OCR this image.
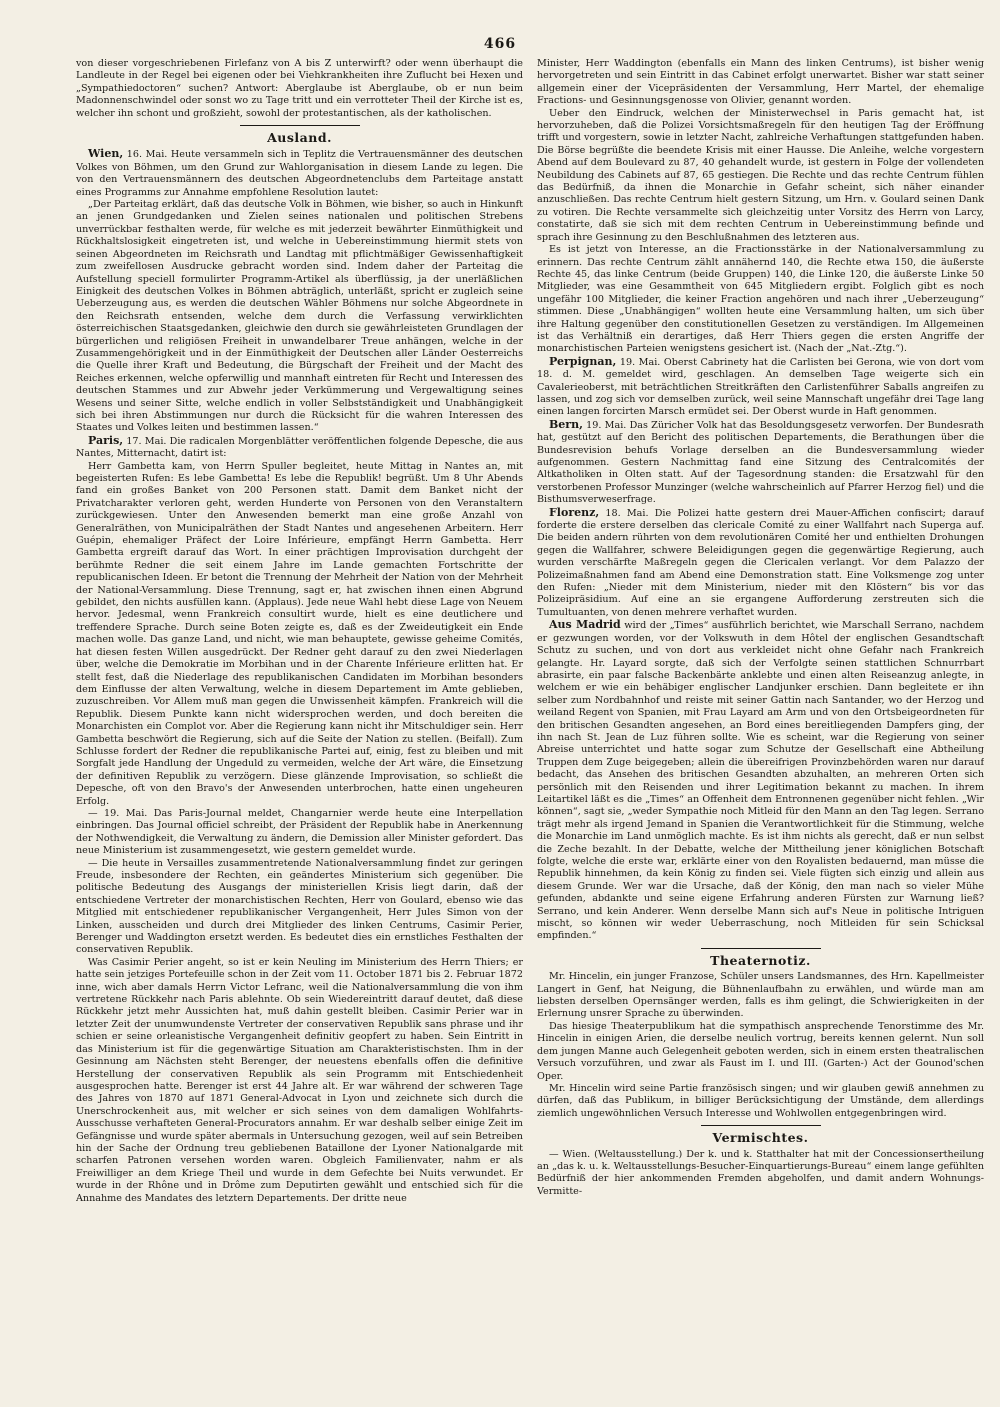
466

von dieser vorgeschriebenen Firlefanz von A bis Z unterwirft? oder wenn überhaupt die Landleute in der Regel bei eigenen oder bei Viehkrankheiten ihre Zuflucht bei Hexen und „Sympathiedoctoren“ suchen? Antwort: Aberglaube ist Aberglaube, ob er nun beim Madonnenschwindel oder sonst wo zu Tage tritt und ein verrotteter Theil der Kirche ist es, welcher ihn schont und großzieht, sowohl der protestantischen, als der katholischen.

Ausland.

Wien, 16. Mai. Heute versammeln sich in Teplitz die Vertrauensmänner des deutschen Volkes von Böhmen, um den Grund zur Wahlorganisation in diesem Lande zu legen. Die von den Vertrauensmännern des deutschen Abgeordnetenclubs dem Parteitage anstatt eines Programms zur Annahme empfohlene Resolution lautet:

„Der Parteitag erklärt, daß das deutsche Volk in Böhmen, wie bisher, so auch in Hinkunft an jenen Grundgedanken und Zielen seines nationalen und politischen Strebens unverrückbar festhalten werde, für welche es mit jederzeit bewährter Einmüthigkeit und Rückhaltslosigkeit eingetreten ist, und welche in Uebereinstimmung hiermit stets von seinen Abgeordneten im Reichsrath und Landtag mit pflichtmäßiger Gewissenhaftigkeit zum zweifellosen Ausdrucke gebracht worden sind. Indem daher der Parteitag die Aufstellung speciell formulirter Programm-Artikel als überflüssig, ja der unerläßlichen Einigkeit des deutschen Volkes in Böhmen abträglich, unterläßt, spricht er zugleich seine Ueberzeugung aus, es werden die deutschen Wähler Böhmens nur solche Abgeordnete in den Reichsrath entsenden, welche dem durch die Verfassung verwirklichten österreichischen Staatsgedanken, gleichwie den durch sie gewährleisteten Grundlagen der bürgerlichen und religiösen Freiheit in unwandelbarer Treue anhängen, welche in der Zusammengehörigkeit und in der Einmüthigkeit der Deutschen aller Länder Oesterreichs die Quelle ihrer Kraft und Bedeutung, die Bürgschaft der Freiheit und der Macht des Reiches erkennen, welche opferwillig und mannhaft eintreten für Recht und Interessen des deutschen Stammes und zur Abwehr jeder Verkümmerung und Vergewaltigung seines Wesens und seiner Sitte, welche endlich in voller Selbstständigkeit und Unabhängigkeit sich bei ihren Abstimmungen nur durch die Rücksicht für die wahren Interessen des Staates und Volkes leiten und bestimmen lassen.“

Paris, 17. Mai. Die radicalen Morgenblätter veröffentlichen folgende Depesche, die aus Nantes, Mitternacht, datirt ist:

Herr Gambetta kam, von Herrn Spuller begleitet, heute Mittag in Nantes an, mit begeisterten Rufen: Es lebe Gambetta! Es lebe die Republik! begrüßt. Um 8 Uhr Abends fand ein großes Banket von 200 Personen statt. Damit dem Banket nicht der Privatcharakter verloren geht, werden Hunderte von Personen von den Veranstaltern zurückgewiesen. Unter den Anwesenden bemerkt man eine große Anzahl von Generalräthen, von Municipalräthen der Stadt Nantes und angesehenen Arbeitern. Herr Guépin, ehemaliger Präfect der Loire Inférieure, empfängt Herrn Gambetta. Herr Gambetta ergreift darauf das Wort. In einer prächtigen Improvisation durchgeht der berühmte Redner die seit einem Jahre im Lande gemachten Fortschritte der republicanischen Ideen. Er betont die Trennung der Mehrheit der Nation von der Mehrheit der National-Versammlung. Diese Trennung, sagt er, hat zwischen ihnen einen Abgrund gebildet, den nichts ausfüllen kann. (Applaus). Jede neue Wahl hebt diese Lage von Neuem hervor. Jedesmal, wenn Frankreich consultirt wurde, hielt es eine deutlichere und treffendere Sprache. Durch seine Boten zeigte es, daß es der Zweideutigkeit ein Ende machen wolle. Das ganze Land, und nicht, wie man behauptete, gewisse geheime Comités, hat diesen festen Willen ausgedrückt. Der Redner geht darauf zu den zwei Niederlagen über, welche die Demokratie im Morbihan und in der Charente Inférieure erlitten hat. Er stellt fest, daß die Niederlage des republikanischen Candidaten im Morbihan besonders dem Einflusse der alten Verwaltung, welche in diesem Departement im Amte geblieben, zuzuschreiben. Vor Allem muß man gegen die Unwissenheit kämpfen. Frankreich will die Republik. Diesem Punkte kann nicht widersprochen werden, und doch bereiten die Monarchisten ein Complot vor. Aber die Regierung kann nicht ihr Mitschuldiger sein. Herr Gambetta beschwört die Regierung, sich auf die Seite der Nation zu stellen. (Beifall). Zum Schlusse fordert der Redner die republikanische Partei auf, einig, fest zu bleiben und mit Sorgfalt jede Handlung der Ungeduld zu vermeiden, welche der Art wäre, die Einsetzung der definitiven Republik zu verzögern. Diese glänzende Improvisation, so schließt die Depesche, oft von den Bravo's der Anwesenden unterbrochen, hatte einen ungeheuren Erfolg.

— 19. Mai. Das Paris-Journal meldet, Changarnier werde heute eine Interpellation einbringen. Das Journal officiel schreibt, der Präsident der Republik habe in Anerkennung der Nothwendigkeit, die Verwaltung zu ändern, die Demission aller Minister gefordert. Das neue Ministerium ist zusammengesetzt, wie gestern gemeldet wurde.

— Die heute in Versailles zusammentretende Nationalversammlung findet zur geringen Freude, insbesondere der Rechten, ein geändertes Ministerium sich gegenüber. Die politische Bedeutung des Ausgangs der ministeriellen Krisis liegt darin, daß der entschiedene Vertreter der monarchistischen Rechten, Herr von Goulard, ebenso wie das Mitglied mit entschiedener republikanischer Vergangenheit, Herr Jules Simon von der Linken, ausscheiden und durch drei Mitglieder des linken Centrums, Casimir Perier, Berenger und Waddington ersetzt werden. Es bedeutet dies ein ernstliches Festhalten der conservativen Republik.

Was Casimir Perier angeht, so ist er kein Neuling im Ministerium des Herrn Thiers; er hatte sein jetziges Portefeuille schon in der Zeit vom 11. October 1871 bis 2. Februar 1872 inne, wich aber damals Herrn Victor Lefranc, weil die Nationalversammlung die von ihm vertretene Rückkehr nach Paris ablehnte. Ob sein Wiedereintritt darauf deutet, daß diese Rückkehr jetzt mehr Aussichten hat, muß dahin gestellt bleiben. Casimir Perier war in letzter Zeit der unumwundenste Vertreter der conservativen Republik sans phrase und ihr schien er seine orleanistische Vergangenheit definitiv geopfert zu haben. Sein Eintritt in das Ministerium ist für die gegenwärtige Situation am Charakteristischsten. Ihm in der Gesinnung am Nächsten steht Berenger, der neuestens ebenfalls offen die definitive Herstellung der conservativen Republik als sein Programm mit Entschiedenheit ausgesprochen hatte. Berenger ist erst 44 Jahre alt. Er war während der schweren Tage des Jahres von 1870 auf 1871 General-Advocat in Lyon und zeichnete sich durch die Unerschrockenheit aus, mit welcher er sich seines von dem damaligen Wohlfahrts-Ausschusse verhafteten General-Procurators annahm. Er war deshalb selber einige Zeit im Gefängnisse und wurde später abermals in Untersuchung gezogen, weil auf sein Betreiben hin der Sache der Ordnung treu gebliebenen Bataillone der Lyoner Nationalgarde mit scharfen Patronen versehen worden waren. Obgleich Familienvater, nahm er als Freiwilliger an dem Kriege Theil und wurde in dem Gefechte bei Nuits verwundet. Er wurde in der Rhône und in Drôme zum Deputirten gewählt und entschied sich für die Annahme des Mandates des letztern Departements. Der dritte neue

Minister, Herr Waddington (ebenfalls ein Mann des linken Centrums), ist bisher wenig hervorgetreten und sein Eintritt in das Cabinet erfolgt unerwartet. Bisher war statt seiner allgemein einer der Vicepräsidenten der Versammlung, Herr Martel, der ehemalige Fractions- und Gesinnungsgenosse von Olivier, genannt worden.

Ueber den Eindruck, welchen der Ministerwechsel in Paris gemacht hat, ist hervorzuheben, daß die Polizei Vorsichtsmaßregeln für den heutigen Tag der Eröffnung trifft und vorgestern, sowie in letzter Nacht, zahlreiche Verhaftungen stattgefunden haben. Die Börse begrüßte die beendete Krisis mit einer Hausse. Die Anleihe, welche vorgestern Abend auf dem Boulevard zu 87, 40 gehandelt wurde, ist gestern in Folge der vollendeten Neubildung des Cabinets auf 87, 65 gestiegen. Die Rechte und das rechte Centrum fühlen das Bedürfniß, da ihnen die Monarchie in Gefahr scheint, sich näher einander anzuschließen. Das rechte Centrum hielt gestern Sitzung, um Hrn. v. Goulard seinen Dank zu votiren. Die Rechte versammelte sich gleichzeitig unter Vorsitz des Herrn von Larcy, constatirte, daß sie sich mit dem rechten Centrum in Uebereinstimmung befinde und sprach ihre Gesinnung zu den Beschlußnahmen des letzteren aus.

Es ist jetzt von Interesse, an die Fractionsstärke in der Nationalversammlung zu erinnern. Das rechte Centrum zählt annähernd 140, die Rechte etwa 150, die äußerste Rechte 45, das linke Centrum (beide Gruppen) 140, die Linke 120, die äußerste Linke 50 Mitglieder, was eine Gesammtheit von 645 Mitgliedern ergibt. Folglich gibt es noch ungefähr 100 Mitglieder, die keiner Fraction angehören und nach ihrer „Ueberzeugung“ stimmen. Diese „Unabhängigen“ wollten heute eine Versammlung halten, um sich über ihre Haltung gegenüber den constitutionellen Gesetzen zu verständigen. Im Allgemeinen ist das Verhältniß ein derartiges, daß Herr Thiers gegen die ersten Angriffe der monarchistischen Parteien wenigstens gesichert ist. (Nach der „Nat.-Ztg.“).

Perpignan, 19. Mai. Oberst Cabrinety hat die Carlisten bei Gerona, wie von dort vom 18. d. M. gemeldet wird, geschlagen. An demselben Tage weigerte sich ein Cavalerieoberst, mit beträchtlichen Streitkräften den Carlistenführer Saballs angreifen zu lassen, und zog sich vor demselben zurück, weil seine Mannschaft ungefähr drei Tage lang einen langen forcirten Marsch ermüdet sei. Der Oberst wurde in Haft genommen.

Bern, 19. Mai. Das Züricher Volk hat das Besoldungsgesetz verworfen. Der Bundesrath hat, gestützt auf den Bericht des politischen Departements, die Berathungen über die Bundesrevision behufs Vorlage derselben an die Bundesversammlung wieder aufgenommen. Gestern Nachmittag fand eine Sitzung des Centralcomités der Altkatholiken in Olten statt. Auf der Tagesordnung standen: die Ersatzwahl für den verstorbenen Professor Munzinger (welche wahrscheinlich auf Pfarrer Herzog fiel) und die Bisthumsverweserfrage.

Florenz, 18. Mai. Die Polizei hatte gestern drei Mauer-Affichen confiscirt; darauf forderte die erstere derselben das clericale Comité zu einer Wallfahrt nach Superga auf. Die beiden andern rührten von dem revolutionären Comité her und enthielten Drohungen gegen die Wallfahrer, schwere Beleidigungen gegen die gegenwärtige Regierung, auch wurden verschärfte Maßregeln gegen die Clericalen verlangt. Vor dem Palazzo der Polizeimaßnahmen fand am Abend eine Demonstration statt. Eine Volksmenge zog unter den Rufen: „Nieder mit dem Ministerium, nieder mit den Klöstern“ bis vor das Polizeipräsidium. Auf eine an sie ergangene Aufforderung zerstreuten sich die Tumultuanten, von denen mehrere verhaftet wurden.

Aus Madrid wird der „Times“ ausführlich berichtet, wie Marschall Serrano, nachdem er gezwungen worden, vor der Volkswuth in dem Hôtel der englischen Gesandtschaft Schutz zu suchen, und von dort aus verkleidet nicht ohne Gefahr nach Frankreich gelangte. Hr. Layard sorgte, daß sich der Verfolgte seinen stattlichen Schnurrbart abrasirte, ein paar falsche Backenbärte anklebte und einen alten Reiseanzug anlegte, in welchem er wie ein behäbiger englischer Landjunker erschien. Dann begleitete er ihn selber zum Nordbahnhof und reiste mit seiner Gattin nach Santander, wo der Herzog und weiland Regent von Spanien, mit Frau Layard am Arm und von den Ortsbeigeordneten für den britischen Gesandten angesehen, an Bord eines bereitliegenden Dampfers ging, der ihn nach St. Jean de Luz führen sollte. Wie es scheint, war die Regierung von seiner Abreise unterrichtet und hatte sogar zum Schutze der Gesellschaft eine Abtheilung Truppen dem Zuge beigegeben; allein die übereifrigen Provinzbehörden waren nur darauf bedacht, das Ansehen des britischen Gesandten abzuhalten, an mehreren Orten sich persönlich mit den Reisenden und ihrer Legitimation bekannt zu machen. In ihrem Leitartikel läßt es die „Times“ an Offenheit dem Entronnenen gegenüber nicht fehlen. „Wir können“, sagt sie, „weder Sympathie noch Mitleid für den Mann an den Tag legen. Serrano trägt mehr als irgend Jemand in Spanien die Verantwortlichkeit für die Stimmung, welche die Monarchie im Land unmöglich machte. Es ist ihm nichts als gerecht, daß er nun selbst die Zeche bezahlt. In der Debatte, welche der Mittheilung jener königlichen Botschaft folgte, welche die erste war, erklärte einer von den Royalisten bedauernd, man müsse die Republik hinnehmen, da kein König zu finden sei. Viele fügten sich einzig und allein aus diesem Grunde. Wer war die Ursache, daß der König, den man nach so vieler Mühe gefunden, abdankte und seine eigene Erfahrung anderen Fürsten zur Warnung ließ? Serrano, und kein Anderer. Wenn derselbe Mann sich auf's Neue in politische Intriguen mischt, so können wir weder Ueberraschung, noch Mitleiden für sein Schicksal empfinden.“

Theaternotiz.

Mr. Hincelin, ein junger Franzose, Schüler unsers Landsmannes, des Hrn. Kapellmeister Langert in Genf, hat Neigung, die Bühnenlaufbahn zu erwählen, und würde man am liebsten derselben Opernsänger werden, falls es ihm gelingt, die Schwierigkeiten in der Erlernung unsrer Sprache zu überwinden.

Das hiesige Theaterpublikum hat die sympathisch ansprechende Tenorstimme des Mr. Hincelin in einigen Arien, die derselbe neulich vortrug, bereits kennen gelernt. Nun soll dem jungen Manne auch Gelegenheit geboten werden, sich in einem ersten theatralischen Versuch vorzuführen, und zwar als Faust im I. und III. (Garten-) Act der Gounod'schen Oper.

Mr. Hincelin wird seine Partie französisch singen; und wir glauben gewiß annehmen zu dürfen, daß das Publikum, in billiger Berücksichtigung der Umstände, dem allerdings ziemlich ungewöhnlichen Versuch Interesse und Wohlwollen entgegenbringen wird.

Vermischtes.

— Wien. (Weltausstellung.) Der k. und k. Statthalter hat mit der Concessionsertheilung an „das k. u. k. Weltausstellungs-Besucher-Einquartierungs-Bureau“ einem lange gefühlten Bedürfniß der hier ankommenden Fremden abgeholfen, und damit andern Wohnungs-Vermitte-
